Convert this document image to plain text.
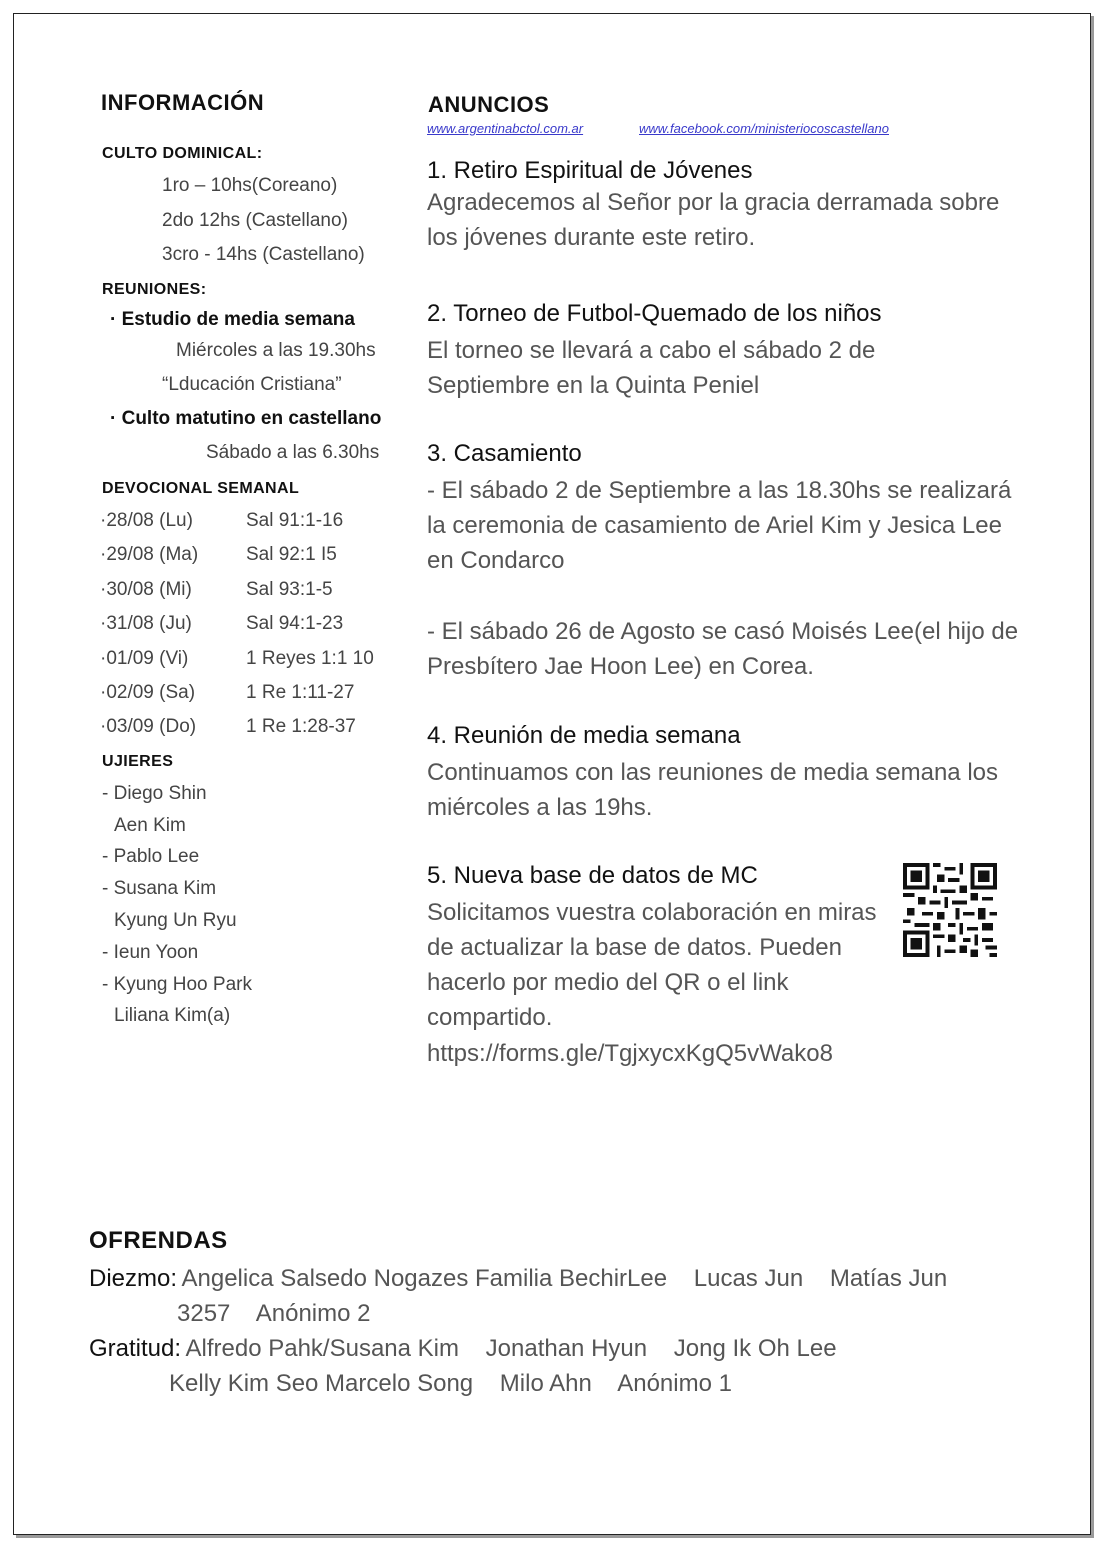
INFORMACIÓN
CULTO DOMINICAL:
1ro – 10hs(Coreano)
2do 12hs (Castellano)
3cro - 14hs (Castellano)
REUNIONES:
· Estudio de media semana
Miércoles a las 19.30hs
“Lducación Cristiana”
· Culto matutino en castellano
Sábado a las 6.30hs
DEVOCIONAL SEMANAL
·28/08 (Lu)	Sal 91:1-16
·29/08 (Ma)	Sal 92:1 I5
·30/08 (Mi)	Sal 93:1-5
·31/08 (Ju)	Sal 94:1-23
·01/09 (Vi)	1 Reyes 1:1 10
·02/09 (Sa)	1 Re 1:11-27
·03/09 (Do)	1 Re 1:28-37
UJIERES
- Diego Shin
Aen Kim
- Pablo Lee
- Susana Kim
Kyung Un Ryu
- Ieun Yoon
- Kyung Hoo Park
Liliana Kim(a)
ANUNCIOS
www.argentinabctol.com.ar	www.facebook.com/ministeriocoscastellano
1. Retiro Espiritual de Jóvenes
Agradecemos al Señor por la gracia derramada sobre los jóvenes durante este retiro.
2. Torneo de Futbol-Quemado de los niños
El torneo se llevará a cabo el sábado 2 de Septiembre en la Quinta Peniel
3. Casamiento
- El sábado 2 de Septiembre a las 18.30hs se realizará la ceremonia de casamiento de Ariel Kim y Jesica Lee en Condarco
- El sábado 26 de Agosto se casó Moisés Lee(el hijo de Presbítero Jae Hoon Lee) en Corea.
4. Reunión de media semana
Continuamos con las reuniones de media semana los miércoles a las 19hs.
5. Nueva base de datos de MC
Solicitamos vuestra colaboración en miras de actualizar la base de datos. Pueden hacerlo por medio del QR o el link compartido.
https://forms.gle/TgjxycxKgQ5vWako8
OFRENDAS
Diezmo: Angelica Salsedo Nogazes Familia BechirLee    Lucas Jun    Matías Jun
3257    Anónimo 2
Gratitud: Alfredo Pahk/Susana Kim    Jonathan Hyun    Jong Ik Oh Lee
Kelly Kim Seo Marcelo Song    Milo Ahn    Anónimo 1
